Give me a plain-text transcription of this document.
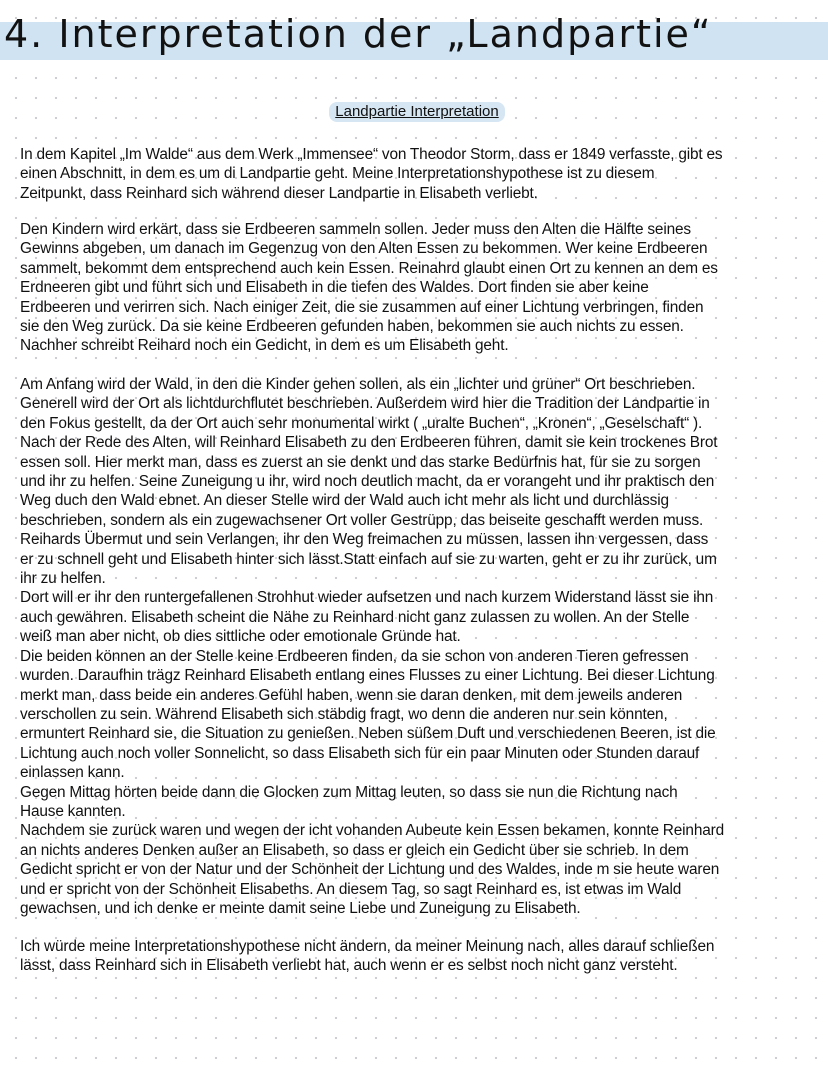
4. Interpretation der „Landpartie“
Landpartie Interpretation

In dem Kapitel „Im Walde“ aus dem Werk „Immensee“ von Theodor Storm, dass er 1849 verfasste, gibt es
einen Abschnitt, in dem es um di Landpartie geht. Meine Interpretationshypothese ist zu diesem
Zeitpunkt, dass Reinhard sich während dieser Landpartie in Elisabeth verliebt.

Den Kindern wird erkärt, dass sie Erdbeeren sammeln sollen. Jeder muss den Alten die Hälfte seines
Gewinns abgeben, um danach im Gegenzug von den Alten Essen zu bekommen. Wer keine Erdbeeren
sammelt, bekommt dem entsprechend auch kein Essen. Reinahrd glaubt einen Ort zu kennen an dem es
Erdneeren gibt und führt sich und Elisabeth in die tiefen des Waldes. Dort finden sie aber keine
Erdbeeren und verirren sich. Nach einiger Zeit, die sie zusammen auf einer Lichtung verbringen, finden
sie den Weg zurück. Da sie keine Erdbeeren gefunden haben, bekommen sie auch nichts zu essen.
Nachher schreibt Reihard noch ein Gedicht, in dem es um Elisabeth geht.

Am Anfang wird der Wald, in den die Kinder gehen sollen, als ein „lichter und grüner“ Ort beschrieben.
Generell wird der Ort als lichtdurchflutet beschrieben. Außerdem wird hier die Tradition der Landpartie in
den Fokus gestellt, da der Ort auch sehr monumental wirkt ( „uralte Buchen“, „Kronen“, „Geselschaft“ ).
Nach der Rede des Alten, will Reinhard Elisabeth zu den Erdbeeren führen, damit sie kein trockenes Brot
essen soll. Hier merkt man, dass es zuerst an sie denkt und das starke Bedürfnis hat, für sie zu sorgen
und ihr zu helfen. Seine Zuneigung u ihr, wird noch deutlich macht, da er vorangeht und ihr praktisch den
Weg duch den Wald ebnet. An dieser Stelle wird der Wald auch icht mehr als licht und durchlässig
beschrieben, sondern als ein zugewachsener Ort voller Gestrüpp, das beiseite geschafft werden muss.
Reihards Übermut und sein Verlangen, ihr den Weg freimachen zu müssen, lassen ihn vergessen, dass
er zu schnell geht und Elisabeth hinter sich lässt.Statt einfach auf sie zu warten, geht er zu ihr zurück, um
ihr zu helfen.
Dort will er ihr den runtergefallenen Strohhut wieder aufsetzen und nach kurzem Widerstand lässt sie ihn
auch gewähren. Elisabeth scheint die Nähe zu Reinhard nicht ganz zulassen zu wollen. An der Stelle
weiß man aber nicht, ob dies sittliche oder emotionale Gründe hat.
Die beiden können an der Stelle keine Erdbeeren finden, da sie schon von anderen Tieren gefressen
wurden. Daraufhin trägz Reinhard Elisabeth entlang eines Flusses zu einer Lichtung. Bei dieser Lichtung
merkt man, dass beide ein anderes Gefühl haben, wenn sie daran denken, mit dem jeweils anderen
verschollen zu sein. Während Elisabeth sich stäbdig fragt, wo denn die anderen nur sein könnten,
ermuntert Reinhard sie, die Situation zu genießen. Neben süßem Duft und verschiedenen Beeren, ist die
Lichtung auch noch voller Sonnelicht, so dass Elisabeth sich für ein paar Minuten oder Stunden darauf
einlassen kann.
Gegen Mittag hörten beide dann die Glocken zum Mittag leuten, so dass sie nun die Richtung nach
Hause kannten.
Nachdem sie zurück waren und wegen der icht vohanden Aubeute kein Essen bekamen, konnte Reinhard
an nichts anderes Denken außer an Elisabeth, so dass er gleich ein Gedicht über sie schrieb. In dem
Gedicht spricht er von der Natur und der Schönheit der Lichtung und des Waldes, inde m sie heute waren
und er spricht von der Schönheit Elisabeths. An diesem Tag, so sagt Reinhard es, ist etwas im Wald
gewachsen, und ich denke er meinte damit seine Liebe und Zuneigung zu Elisabeth.

Ich würde meine Interpretationshypothese nicht ändern, da meiner Meinung nach, alles darauf schließen
lässt, dass Reinhard sich in Elisabeth verliebt hat, auch wenn er es selbst noch nicht ganz versteht.
